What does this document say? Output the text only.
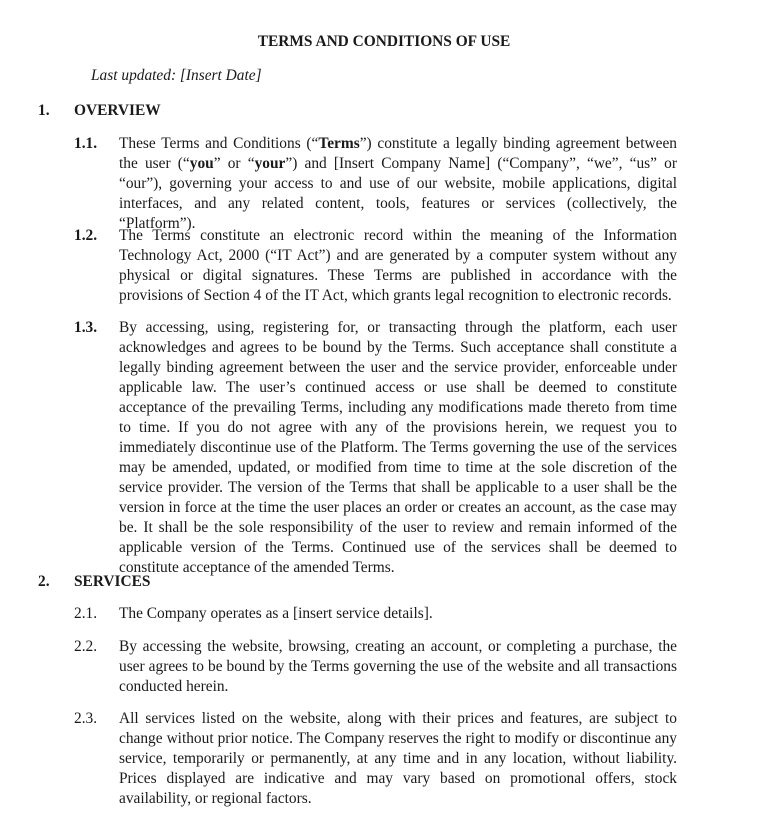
TERMS AND CONDITIONS OF USE
Last updated: [Insert Date]
1. OVERVIEW
1.1. These Terms and Conditions (“Terms”) constitute a legally binding agreement between the user (“you” or “your”) and [Insert Company Name] (“Company”, “we”, “us” or “our”), governing your access to and use of our website, mobile applications, digital interfaces, and any related content, tools, features or services (collectively, the “Platform”).
1.2. The Terms constitute an electronic record within the meaning of the Information Technology Act, 2000 (“IT Act”) and are generated by a computer system without any physical or digital signatures. These Terms are published in accordance with the provisions of Section 4 of the IT Act, which grants legal recognition to electronic records.
1.3. By accessing, using, registering for, or transacting through the platform, each user acknowledges and agrees to be bound by the Terms. Such acceptance shall constitute a legally binding agreement between the user and the service provider, enforceable under applicable law. The user’s continued access or use shall be deemed to constitute acceptance of the prevailing Terms, including any modifications made thereto from time to time. If you do not agree with any of the provisions herein, we request you to immediately discontinue use of the Platform. The Terms governing the use of the services may be amended, updated, or modified from time to time at the sole discretion of the service provider. The version of the Terms that shall be applicable to a user shall be the version in force at the time the user places an order or creates an account, as the case may be. It shall be the sole responsibility of the user to review and remain informed of the applicable version of the Terms. Continued use of the services shall be deemed to constitute acceptance of the amended Terms.
2. SERVICES
2.1. The Company operates as a [insert service details].
2.2. By accessing the website, browsing, creating an account, or completing a purchase, the user agrees to be bound by the Terms governing the use of the website and all transactions conducted herein.
2.3. All services listed on the website, along with their prices and features, are subject to change without prior notice. The Company reserves the right to modify or discontinue any service, temporarily or permanently, at any time and in any location, without liability. Prices displayed are indicative and may vary based on promotional offers, stock availability, or regional factors.
